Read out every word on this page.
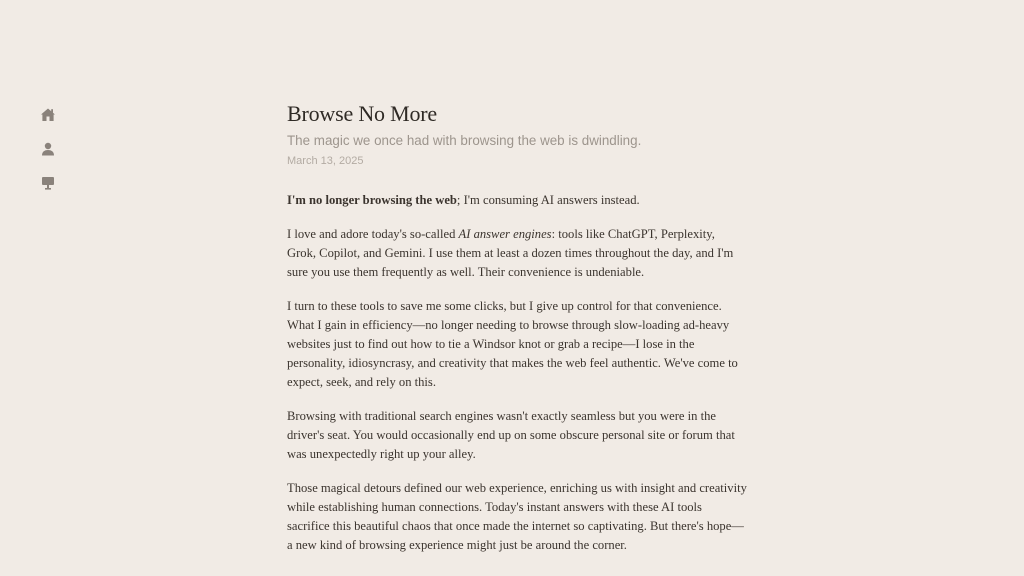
Browse No More
The magic we once had with browsing the web is dwindling.
March 13, 2025

I'm no longer browsing the web; I'm consuming AI answers instead.

I love and adore today's so-called AI answer engines: tools like ChatGPT, Perplexity, Grok, Copilot, and Gemini. I use them at least a dozen times throughout the day, and I'm sure you use them frequently as well. Their convenience is undeniable.

I turn to these tools to save me some clicks, but I give up control for that convenience. What I gain in efficiency—no longer needing to browse through slow-loading ad-heavy websites just to find out how to tie a Windsor knot or grab a recipe—I lose in the personality, idiosyncrasy, and creativity that makes the web feel authentic. We've come to expect, seek, and rely on this.

Browsing with traditional search engines wasn't exactly seamless but you were in the driver's seat. You would occasionally end up on some obscure personal site or forum that was unexpectedly right up your alley.

Those magical detours defined our web experience, enriching us with insight and creativity while establishing human connections. Today's instant answers with these AI tools sacrifice this beautiful chaos that once made the internet so captivating. But there's hope—a new kind of browsing experience might just be around the corner.
